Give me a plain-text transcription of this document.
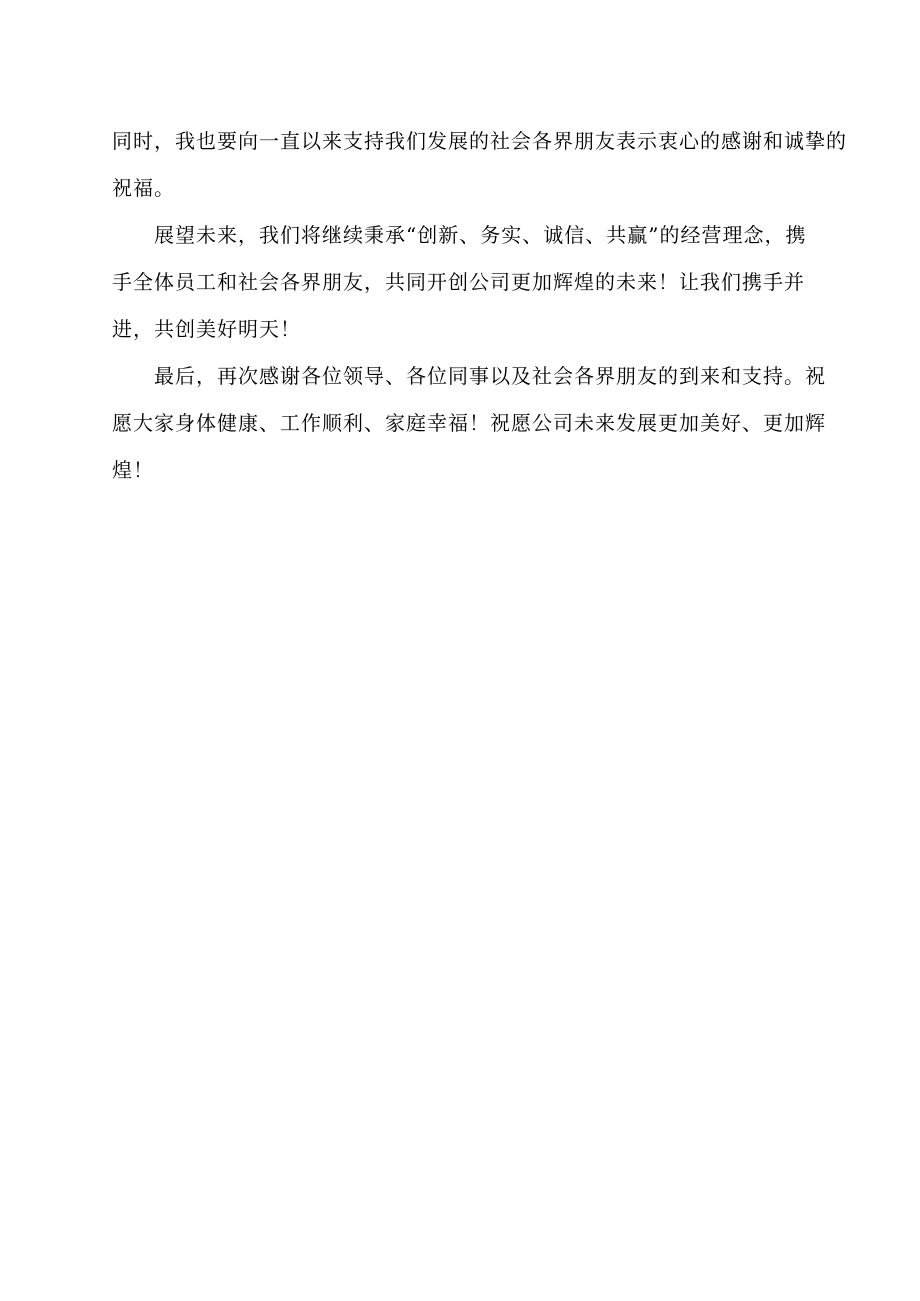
同时，我也要向一直以来支持我们发展的社会各界朋友表示衷心的感谢和诚挚的
祝福。

展望未来，我们将继续秉承“创新、务实、诚信、共赢”的经营理念，携
手全体员工和社会各界朋友，共同开创公司更加辉煌的未来！让我们携手并
进，共创美好明天！

最后，再次感谢各位领导、各位同事以及社会各界朋友的到来和支持。祝
愿大家身体健康、工作顺利、家庭幸福！祝愿公司未来发展更加美好、更加辉
煌！
